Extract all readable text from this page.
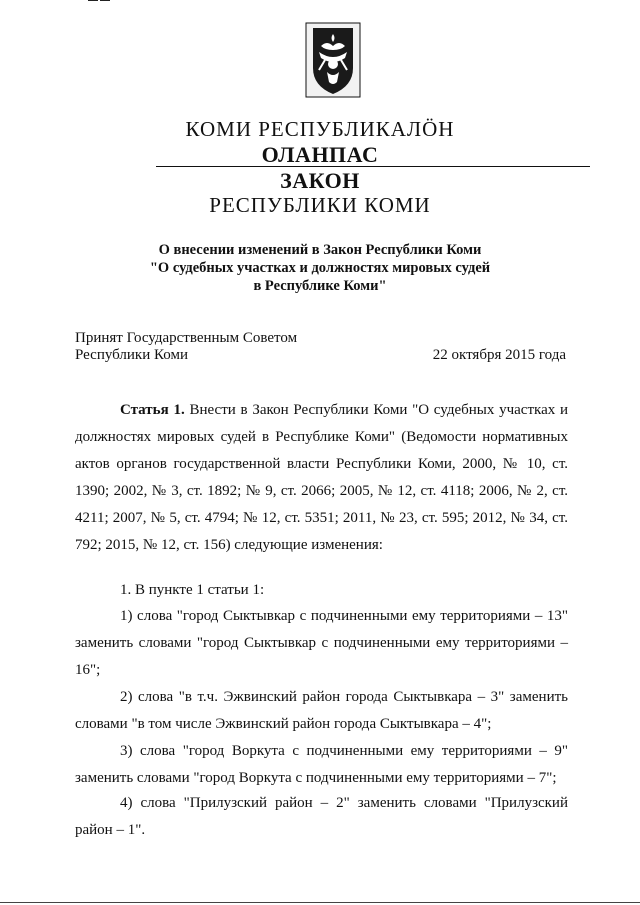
КОМИ РЕСПУБЛИКАЛӦН
ОЛАНПАС
ЗАКОН
РЕСПУБЛИКИ КОМИ
О внесении изменений в Закон Республики Коми
"О судебных участках и должностях мировых судей
в Республике Коми"
Принят Государственным Советом
Республики Коми	22 октября 2015 года
Статья 1. Внести в Закон Республики Коми "О судебных участках и должностях мировых судей в Республике Коми" (Ведомости нормативных актов органов государственной власти Республики Коми, 2000, № 10, ст. 1390; 2002, № 3, ст. 1892; № 9, ст. 2066; 2005, № 12, ст. 4118; 2006, № 2, ст. 4211; 2007, № 5, ст. 4794; № 12, ст. 5351; 2011, № 23, ст. 595; 2012, № 34, ст. 792; 2015, № 12, ст. 156) следующие изменения:
1. В пункте 1 статьи 1:
1) слова "город Сыктывкар с подчиненными ему территориями – 13" заменить словами "город Сыктывкар с подчиненными ему территориями – 16";
2) слова "в т.ч. Эжвинский район города Сыктывкара – 3" заменить словами "в том числе Эжвинский район города Сыктывкара – 4";
3) слова "город Воркута с подчиненными ему территориями – 9" заменить словами "город Воркута с подчиненными ему территориями – 7";
4) слова "Прилузский район – 2" заменить словами "Прилузский район – 1".
